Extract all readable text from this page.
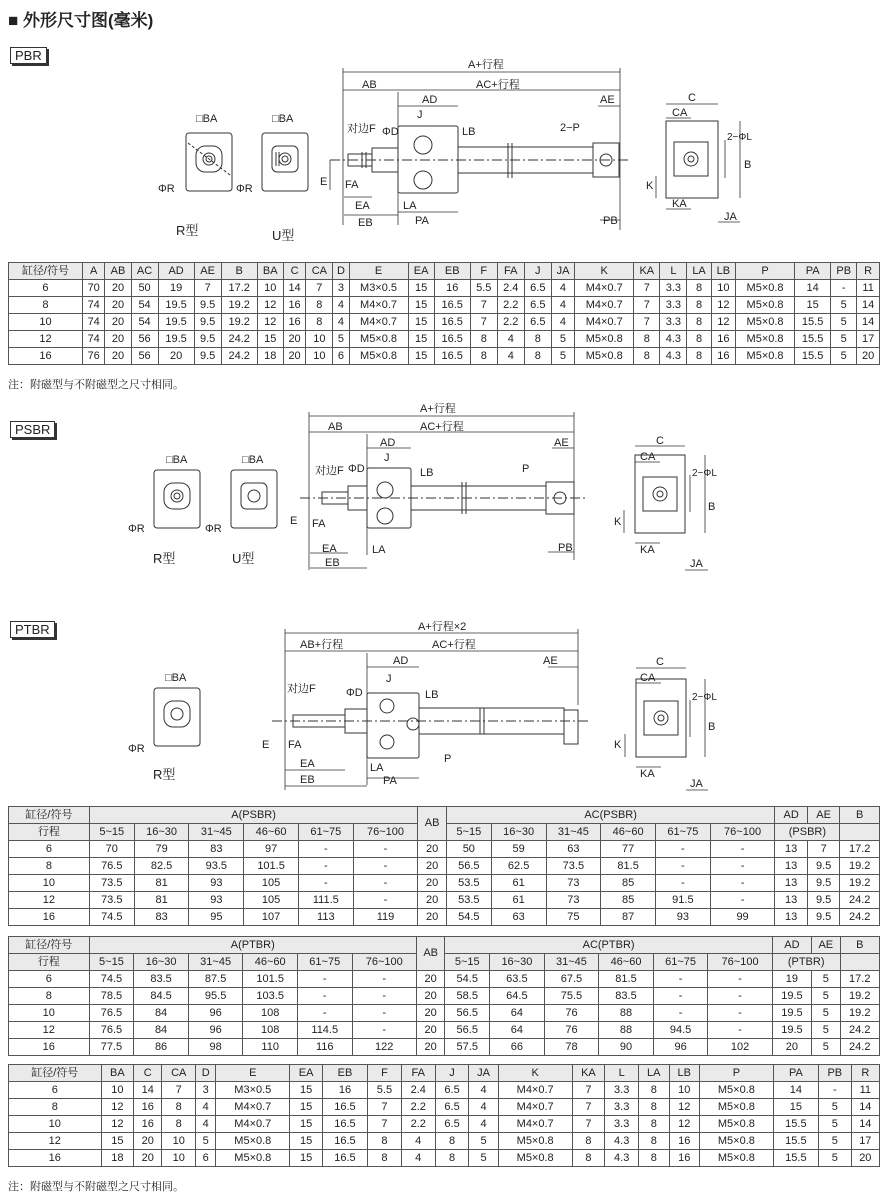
■ 外形尺寸图(毫米)
PBR
A+行程
AB	AC+行程
AD	AE
J
LB
ΦD
对边F	2−P
E FA
EA
EB
LA
PA	PB
□BA	□BA
ΦR	ΦR
R型	U型
C
CA
B
2−ΦL
K
KA
JA
缸径/符号	A	AB	AC	AD	AE	B	BA	C	CA	D	E	EA	EB	F	FA	J	JA	K	KA	L	LA	LB	P	PA	PB	R
6	70	20	50	19	7	17.2	10	14	7	3	M3×0.5	15	16	5.5	2.4	6.5	4	M4×0.7	7	3.3	8	10	M5×0.8	14	-	11
8	74	20	54	19.5	9.5	19.2	12	16	8	4	M4×0.7	15	16.5	7	2.2	6.5	4	M4×0.7	7	3.3	8	12	M5×0.8	15	5	14
10	74	20	54	19.5	9.5	19.2	12	16	8	4	M4×0.7	15	16.5	7	2.2	6.5	4	M4×0.7	7	3.3	8	12	M5×0.8	15.5	5	14
12	74	20	56	19.5	9.5	24.2	15	20	10	5	M5×0.8	15	16.5	8	4	8	5	M5×0.8	8	4.3	8	16	M5×0.8	15.5	5	17
16	76	20	56	20	9.5	24.2	18	20	10	6	M5×0.8	15	16.5	8	4	8	5	M5×0.8	8	4.3	8	16	M5×0.8	15.5	5	20
注：附磁型与不附磁型之尺寸相同。
PSBR
A+行程
AB	AC+行程
AD	AE
J
LB
ΦD
对边F	P
E FA
EA
EB
LA	PB
□BA	□BA
ΦR	ΦR
R型	U型
C
CA
B
2−ΦL
K
KA
JA
PTBR	A+行程×2
AB+行程	AC+行程
AD	AE
J
LB
ΦD
对边F
P
E FA
EA
EB
LA
PA
□BA
ΦR
R型
C
CA
B
2−ΦL
K
KA
JA
缸径/符号	A(PSBR)						AB	AC(PSBR)						AD	AE	B
行程	5~15	16~30	31~45	46~60	61~75	76~100		5~15	16~30	31~45	46~60	61~75	76~100	(PSBR)		
6	70	79	83	97	-	-	20	50	59	63	77	-	-	13	7	17.2
8	76.5	82.5	93.5	101.5	-	-	20	56.5	62.5	73.5	81.5	-	-	13	9.5	19.2
10	73.5	81	93	105	-	-	20	53.5	61	73	85	-	-	13	9.5	19.2
12	73.5	81	93	105	111.5	-	20	53.5	61	73	85	91.5	-	13	9.5	24.2
16	74.5	83	95	107	113	119	20	54.5	63	75	87	93	99	13	9.5	24.2
缸径/符号	A(PTBR)						AB	AC(PTBR)						AD	AE	B
行程	5~15	16~30	31~45	46~60	61~75	76~100		5~15	16~30	31~45	46~60	61~75	76~100	(PTBR)		
6	74.5	83.5	87.5	101.5	-	-	20	54.5	63.5	67.5	81.5	-	-	19	5	17.2
8	78.5	84.5	95.5	103.5	-	-	20	58.5	64.5	75.5	83.5	-	-	19.5	5	19.2
10	76.5	84	96	108	-	-	20	56.5	64	76	88	-	-	19.5	5	19.2
12	76.5	84	96	108	114.5	-	20	56.5	64	76	88	94.5	-	19.5	5	24.2
16	77.5	86	98	110	116	122	20	57.5	66	78	90	96	102	20	5	24.2
缸径/符号	BA	C	CA	D	E	EA	EB	F	FA	J	JA	K	KA	L	LA	LB	P	PA	PB	R
6	10	14	7	3	M3×0.5	15	16	5.5	2.4	6.5	4	M4×0.7	7	3.3	8	10	M5×0.8	14	-	11
8	12	16	8	4	M4×0.7	15	16.5	7	2.2	6.5	4	M4×0.7	7	3.3	8	12	M5×0.8	15	5	14
10	12	16	8	4	M4×0.7	15	16.5	7	2.2	6.5	4	M4×0.7	7	3.3	8	12	M5×0.8	15.5	5	14
12	15	20	10	5	M5×0.8	15	16.5	8	4	8	5	M5×0.8	8	4.3	8	16	M5×0.8	15.5	5	17
16	18	20	10	6	M5×0.8	15	16.5	8	4	8	5	M5×0.8	8	4.3	8	16	M5×0.8	15.5	5	20
注：附磁型与不附磁型之尺寸相同。
